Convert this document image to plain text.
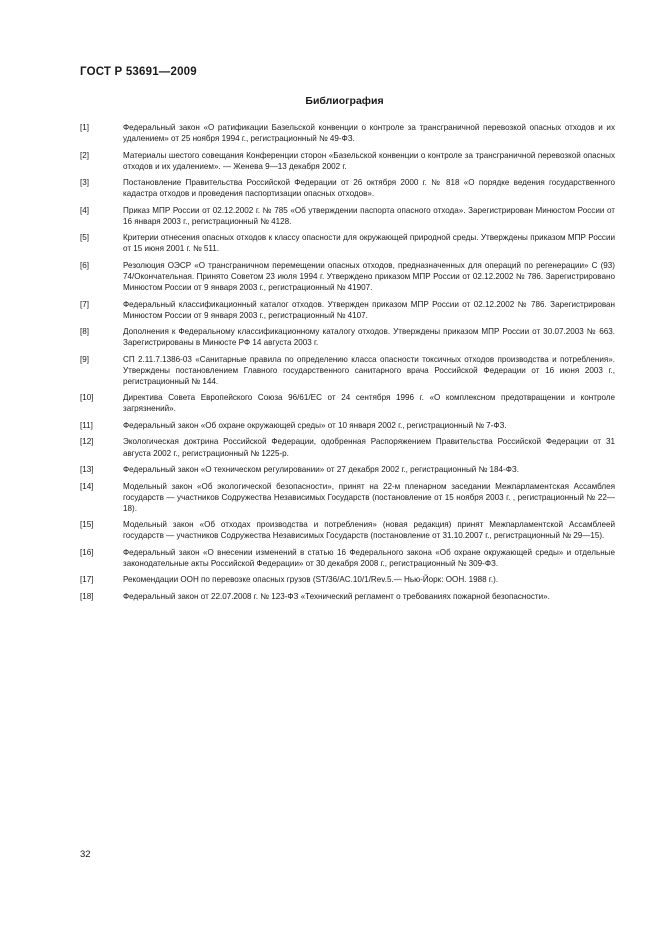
ГОСТ Р 53691—2009
Библиография
[1]	Федеральный закон «О ратификации Базельской конвенции о контроле за трансграничной перевозкой опасных отходов и их удалением» от 25 ноября 1994 г., регистрационный № 49-ФЗ.
[2]	Материалы шестого совещания Конференции сторон «Базельской конвенции о контроле за трансграничной перевозкой опасных отходов и их удалением». — Женева 9—13 декабря 2002 г.
[3]	Постановление Правительства Российской Федерации от 26 октября 2000 г. № 818 «О порядке ведения государственного кадастра отходов и проведения паспортизации опасных отходов».
[4]	Приказ МПР России от 02.12.2002 г. № 785 «Об утверждении паспорта опасного отхода». Зарегистрирован Минюстом России от 16 января 2003 г., регистрационный № 4128.
[5]	Критерии отнесения опасных отходов к классу опасности для окружающей природной среды. Утверждены приказом МПР России от 15 июня 2001 г. № 511.
[6]	Резолюция ОЭСР «О трансграничном перемещении опасных отходов, предназначенных для операций по регенерации» С (93) 74/Окончательная. Принято Советом 23 июля 1994 г. Утверждено приказом МПР России от 02.12.2002 № 786. Зарегистрировано Минюстом России от 9 января 2003 г., регистрационный № 41907.
[7]	Федеральный классификационный каталог отходов. Утвержден приказом МПР России от 02.12.2002 № 786. Зарегистрирован Минюстом России от 9 января 2003 г., регистрационный № 4107.
[8]	Дополнения к Федеральному классификационному каталогу отходов. Утверждены приказом МПР России от 30.07.2003 № 663. Зарегистрированы в Минюсте РФ 14 августа 2003 г.
[9]	СП 2.11.7.1386-03 «Санитарные правила по определению класса опасности токсичных отходов производства и потребления». Утверждены постановлением Главного государственного санитарного врача Российской Федерации от 16 июня 2003 г., регистрационный № 144.
[10]	Директива Совета Европейского Союза 96/61/ЕС от 24 сентября 1996 г. «О комплексном предотвращении и контроле загрязнений».
[11]	Федеральный закон «Об охране окружающей среды» от 10 января 2002 г., регистрационный № 7-ФЗ.
[12]	Экологическая доктрина Российской Федерации, одобренная Распоряжением Правительства Российской Федерации от 31 августа 2002 г., регистрационный № 1225-р.
[13]	Федеральный закон «О техническом регулировании» от 27 декабря 2002 г., регистрационный № 184-ФЗ.
[14]	Модельный закон «Об экологической безопасности», принят на 22-м пленарном заседании Межпарламентская Ассамблея государств — участников Содружества Независимых Государств (постановление от 15 ноября 2003 г. , регистрационный № 22—18).
[15]	Модельный закон «Об отходах производства и потребления» (новая редакция) принят Межпарламентской Ассамблеей государств — участников Содружества Независимых Государств (постановление от 31.10.2007 г., регистрационный № 29—15).
[16]	Федеральный закон «О внесении изменений в статью 16 Федерального закона «Об охране окружающей среды» и отдельные законодательные акты Российской Федерации» от 30 декабря 2008 г., регистрационный № 309-ФЗ.
[17]	Рекомендации ООН по перевозке опасных грузов (ST/36/AC.10/1/Rev.5.— Нью-Йорк: ООН. 1988 г.).
[18]	Федеральный закон от 22.07.2008 г. № 123-ФЗ «Технический регламент о требованиях пожарной безопасности».
32
